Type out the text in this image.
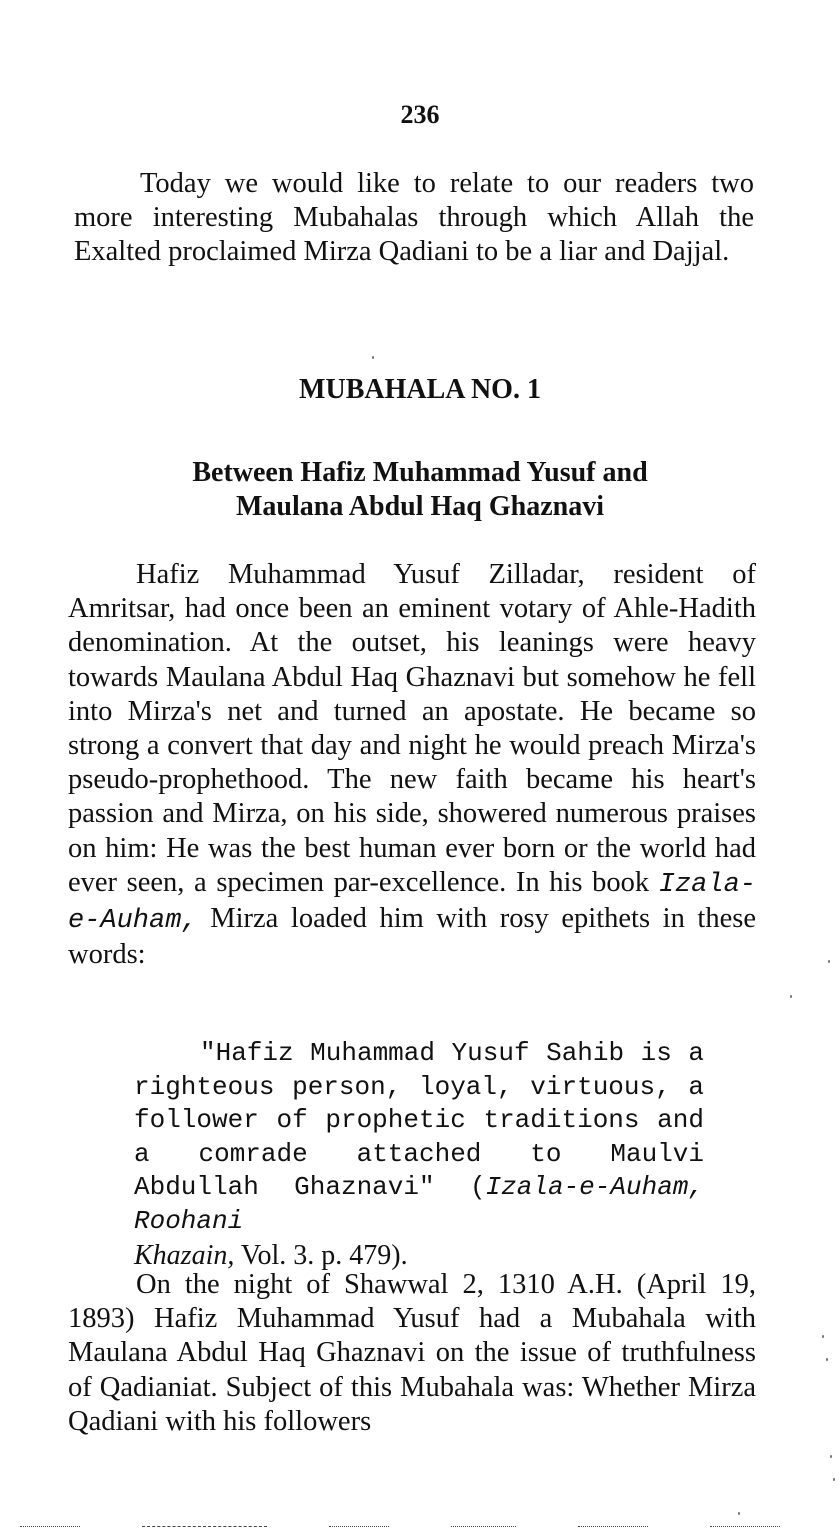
236
Today we would like to relate to our readers two more interesting Mubahalas through which Allah the Exalted proclaimed Mirza Qadiani to be a liar and Dajjal.
MUBAHALA NO. 1
Between Hafiz Muhammad Yusuf and
Maulana Abdul Haq Ghaznavi
Hafiz Muhammad Yusuf Zilladar, resident of Amritsar, had once been an eminent votary of Ahle-Hadith denomination. At the outset, his leanings were heavy towards Maulana Abdul Haq Ghaznavi but somehow he fell into Mirza's net and turned an apostate. He became so strong a convert that day and night he would preach Mirza's pseudo-prophethood. The new faith became his heart's passion and Mirza, on his side, showered numerous praises on him: He was the best human ever born or the world had ever seen, a specimen par-excellence. In his book Izala-e-Auham, Mirza loaded him with rosy epithets in these words:
"Hafiz Muhammad Yusuf Sahib is a righteous person, loyal, virtuous, a follower of prophetic traditions and a comrade attached to Maulvi Abdullah Ghaznavi" (Izala-e-Auham, Roohani
Khazain, Vol. 3. p. 479).
On the night of Shawwal 2, 1310 A.H. (April 19, 1893) Hafiz Muhammad Yusuf had a Mubahala with Maulana Abdul Haq Ghaznavi on the issue of truthfulness of Qadianiat. Subject of this Mubahala was: Whether Mirza Qadiani with his followers
